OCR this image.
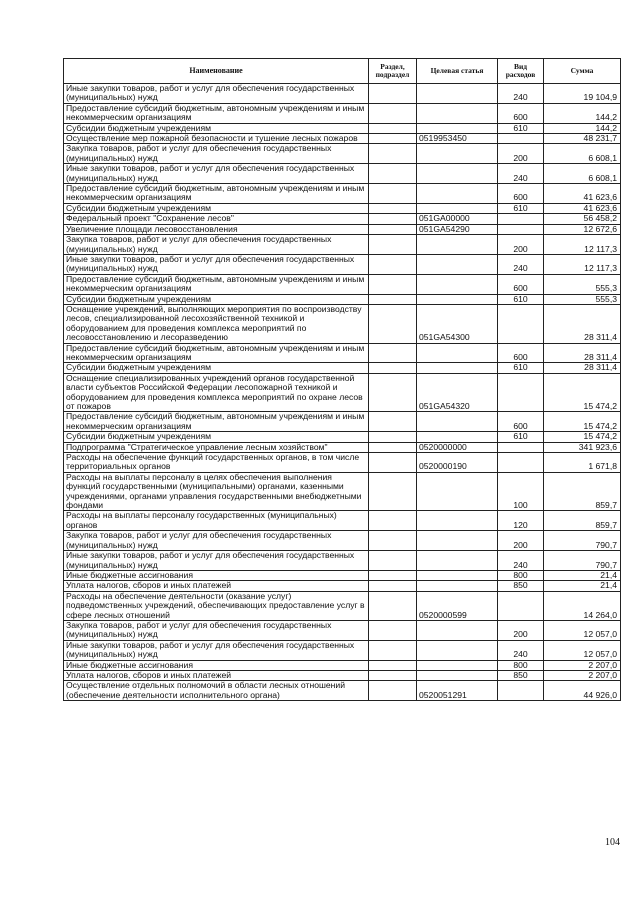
Наименование	Раздел, подраздел	Целевая статья	Вид расходов	Сумма
Иные закупки товаров, работ и услуг для обеспечения государственных (муниципальных) нужд			240	19 104,9
Предоставление субсидий бюджетным, автономным учреждениям и иным некоммерческим организациям			600	144,2
Субсидии бюджетным учреждениям			610	144,2
Осуществление мер пожарной безопасности и тушение лесных пожаров		0519953450		48 231,7
Закупка товаров, работ и услуг для обеспечения государственных (муниципальных) нужд			200	6 608,1
Иные закупки товаров, работ и услуг для обеспечения государственных (муниципальных) нужд			240	6 608,1
Предоставление субсидий бюджетным, автономным учреждениям и иным некоммерческим организациям			600	41 623,6
Субсидии бюджетным учреждениям			610	41 623,6
Федеральный проект "Сохранение лесов"		051GA00000		56 458,2
Увеличение площади лесовосстановления		051GA54290		12 672,6
Закупка товаров, работ и услуг для обеспечения государственных (муниципальных) нужд			200	12 117,3
Иные закупки товаров, работ и услуг для обеспечения государственных (муниципальных) нужд			240	12 117,3
Предоставление субсидий бюджетным, автономным учреждениям и иным некоммерческим организациям			600	555,3
Субсидии бюджетным учреждениям			610	555,3
Оснащение учреждений, выполняющих мероприятия по воспроизводству лесов, специализированной лесохозяйственной техникой и оборудованием для проведения комплекса мероприятий по лесовосстановлению и лесоразведению		051GA54300		28 311,4
Предоставление субсидий бюджетным, автономным учреждениям и иным некоммерческим организациям			600	28 311,4
Субсидии бюджетным учреждениям			610	28 311,4
Оснащение специализированных учреждений органов государственной власти субъектов Российской Федерации лесопожарной техникой и оборудованием для проведения комплекса мероприятий по охране лесов от пожаров		051GA54320		15 474,2
Предоставление субсидий бюджетным, автономным учреждениям и иным некоммерческим организациям			600	15 474,2
Субсидии бюджетным учреждениям			610	15 474,2
Подпрограмма "Стратегическое управление лесным хозяйством"		0520000000		341 923,6
Расходы на обеспечение функций государственных органов, в том числе территориальных органов		0520000190		1 671,8
Расходы на выплаты персоналу в целях обеспечения выполнения функций государственными (муниципальными) органами, казенными учреждениями, органами управления государственными внебюджетными фондами			100	859,7
Расходы на выплаты персоналу государственных (муниципальных) органов			120	859,7
Закупка товаров, работ и услуг для обеспечения государственных (муниципальных) нужд			200	790,7
Иные закупки товаров, работ и услуг для обеспечения государственных (муниципальных) нужд			240	790,7
Иные бюджетные ассигнования			800	21,4
Уплата налогов, сборов и иных платежей			850	21,4
Расходы на обеспечение деятельности (оказание услуг) подведомственных учреждений, обеспечивающих предоставление услуг в сфере лесных отношений		0520000599		14 264,0
Закупка товаров, работ и услуг для обеспечения государственных (муниципальных) нужд			200	12 057,0
Иные закупки товаров, работ и услуг для обеспечения государственных (муниципальных) нужд			240	12 057,0
Иные бюджетные ассигнования			800	2 207,0
Уплата налогов, сборов и иных платежей			850	2 207,0
Осуществление отдельных полномочий в области лесных отношений (обеспечение деятельности исполнительного органа)		0520051291		44 926,0
104
